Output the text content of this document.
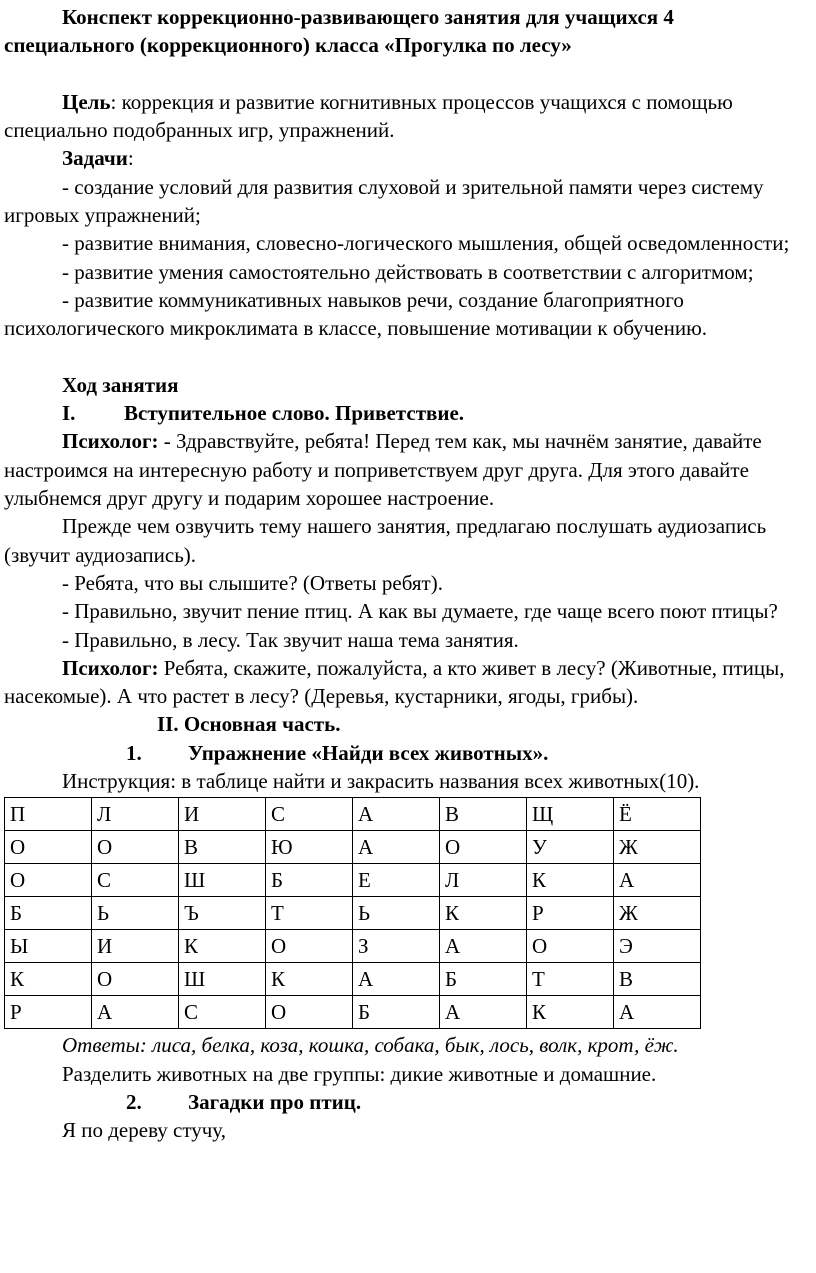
Конспект коррекционно-развивающего занятия для учащихся 4
специального (коррекционного) класса «Прогулка по лесу»

Цель: коррекция и развитие когнитивных процессов учащихся с помощью специально подобранных игр, упражнений.

Задачи:

- создание условий для развития слуховой и зрительной памяти через систему игровых упражнений;

- развитие внимания, словесно-логического мышления, общей осведомленности;

- развитие умения самостоятельно действовать в соответствии с алгоритмом;

- развитие коммуникативных навыков речи, создание благоприятного психологического микроклимата в классе, повышение мотивации к обучению.

Ход занятия

I.	Вступительное слово. Приветствие.

Психолог: - Здравствуйте, ребята! Перед тем как, мы начнём занятие, давайте настроимся на интересную работу и поприветствуем друг друга. Для этого давайте улыбнемся друг другу и подарим хорошее настроение.

Прежде чем озвучить тему нашего занятия, предлагаю послушать аудиозапись (звучит аудиозапись).

- Ребята, что вы слышите? (Ответы ребят).

- Правильно, звучит пение птиц. А как вы думаете, где чаще всего поют птицы?

- Правильно, в лесу. Так звучит наша тема занятия.

Психолог: Ребята, скажите, пожалуйста, а кто живет в лесу? (Животные, птицы, насекомые). А что растет в лесу? (Деревья, кустарники, ягоды, грибы).

II. Основная часть.

1.	Упражнение «Найди всех животных».

Инструкция: в таблице найти и закрасить названия всех животных(10).

П	Л	И	С	А	В	Щ	Ё
О	О	В	Ю	А	О	У	Ж
О	С	Ш	Б	Е	Л	К	А
Б	Ь	Ъ	Т	Ь	К	Р	Ж
Ы	И	К	О	З	А	О	Э
К	О	Ш	К	А	Б	Т	В
Р	А	С	О	Б	А	К	А

Ответы: лиса, белка, коза, кошка, собака, бык, лось, волк, крот, ёж.

Разделить животных на две группы: дикие животные и домашние.

2.	Загадки про птиц.

Я по дереву стучу,
